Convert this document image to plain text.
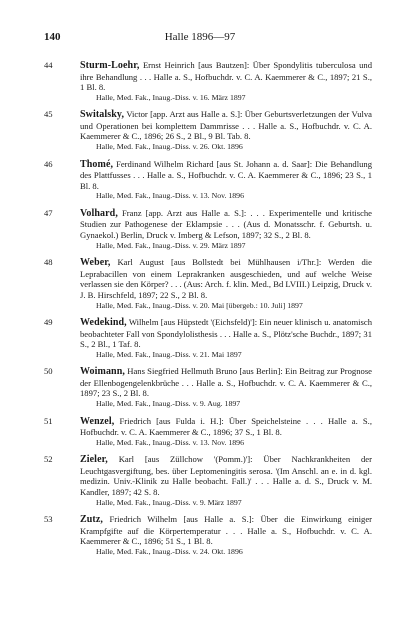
140	Halle 1896—97
44	Sturm-Loehr, Ernst Heinrich [aus Bautzen]: Über Spondylitis tuberculosa und ihre Behandlung . . . Halle a. S., Hofbuchdr. v. C. A. Kaemmerer & C., 1897; 21 S., 1 Bl. 8.
Halle, Med. Fak., Inaug.-Diss. v. 16. März 1897
45	Switalsky, Victor [app. Arzt aus Halle a. S.]: Über Geburtsverletzungen der Vulva und Operationen bei komplettem Dammrisse . . . Halle a. S., Hofbuchdr. v. C. A. Kaemmerer & C., 1896; 26 S., 2 Bl., 9 Bl. Tab. 8.
Halle, Med. Fak., Inaug.-Diss. v. 26. Okt. 1896
46	Thomé, Ferdinand Wilhelm Richard [aus St. Johann a. d. Saar]: Die Behandlung des Plattfusses . . . Halle a. S., Hofbuchdr. v. C. A. Kaemmerer & C., 1896; 23 S., 1 Bl. 8.
Halle, Med. Fak., Inaug.-Diss. v. 13. Nov. 1896
47	Volhard, Franz [app. Arzt aus Halle a. S.]: . . . Experimentelle und kritische Studien zur Pathogenese der Eklampsie . . . (Aus d. Monatsschr. f. Geburtsh. u. Gynaekol.) Berlin, Druck v. Imberg & Lefson, 1897; 32 S., 2 Bl. 8.
Halle, Med. Fak., Inaug.-Diss. v. 29. März 1897
48	Weber, Karl August [aus Bollstedt bei Mühlhausen i/Thr.]: Werden die Leprabacillen von einem Leprakranken ausgeschieden, und auf welche Weise verlassen sie den Körper? . . . (Aus: Arch. f. klin. Med., Bd LVIII.) Leipzig, Druck v. J. B. Hirschfeld, 1897; 22 S., 2 Bl. 8.
Halle, Med. Fak., Inaug.-Diss. v. 20. Mai [übergeb.: 10. Juli] 1897
49	Wedekind, Wilhelm [aus Hüpstedt '(Eichsfeld)']: Ein neuer klinisch u. anatomisch beobachteter Fall von Spondylolisthesis . . . Halle a. S., Plötz'sche Buchdr., 1897; 31 S., 2 Bl., 1 Taf. 8.
Halle, Med. Fak., Inaug.-Diss. v. 21. Mai 1897
50	Woimann, Hans Siegfried Hellmuth Bruno [aus Berlin]: Ein Beitrag zur Prognose der Ellenbogengelenkbrüche . . . Halle a. S., Hofbuchdr. v. C. A. Kaemmerer & C., 1897; 23 S., 2 Bl. 8.
Halle, Med. Fak., Inaug.-Diss. v. 9. Aug. 1897
51	Wenzel, Friedrich [aus Fulda i. H.]: Über Speichelsteine . . . Halle a. S., Hofbuchdr. v. C. A. Kaemmerer & C., 1896; 37 S., 1 Bl. 8.
Halle, Med. Fak., Inaug.-Diss. v. 13. Nov. 1896
52	Zieler, Karl [aus Züllchow '(Pomm.)']: Über Nachkrankheiten der Leuchtgasvergiftung, bes. über Leptomeningitis serosa. '(Im Anschl. an e. in d. kgl. medizin. Univ.-Klinik zu Halle beobacht. Fall.)' . . . Halle a. d. S., Druck v. M. Kandler, 1897; 42 S. 8.
Halle, Med. Fak., Inaug.-Diss. v. 9. März 1897
53	Zutz, Friedrich Wilhelm [aus Halle a. S.]: Über die Einwirkung einiger Krampfgifte auf die Körpertemperatur . . . Halle a. S., Hofbuchdr. v. C. A. Kaemmerer & C., 1896; 51 S., 1 Bl. 8.
Halle, Med. Fak., Inaug.-Diss. v. 24. Okt. 1896
